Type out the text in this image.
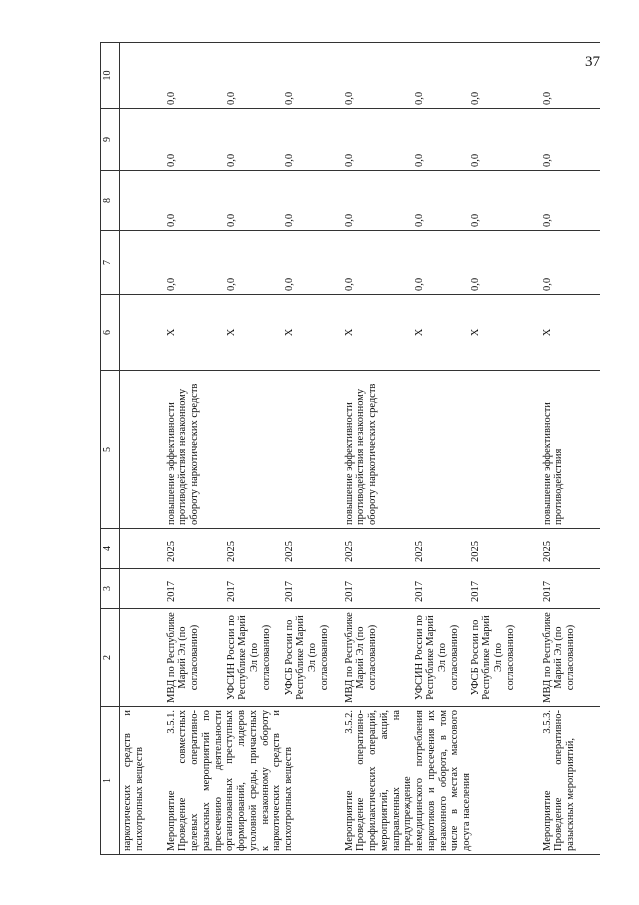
37
1	2	3	4	5	6	7	8	9	10
наркотических средств и психотропных веществ									
Мероприятие 3.5.1. Проведение совместных целевых оперативно-разыскных мероприятий по пресечению деятельности организованных преступных формирований, лидеров уголовной среды, причастных к незаконному обороту наркотических средств и психотропных веществ	МВД по Республике Марий Эл (по согласованию)	2017	2025	повышение эффективности противодействия незаконному обороту наркотических средств	X	0,0	0,0	0,0	0,0
	УФСИН России по Республике Марий Эл (по согласованию)	2017	2025		X	0,0	0,0	0,0	0,0
	УФСБ России по Республике Марий Эл (по согласованию)	2017	2025		X	0,0	0,0	0,0	0,0
Мероприятие 3.5.2. Проведение оперативно-профилактических операций, мероприятий, акций, направленных на предупреждение немедицинского потребления наркотиков и пресечения их незаконного оборота, в том числе в местах массового досуга населения	МВД по Республике Марий Эл (по согласованию)	2017	2025	повышение эффективности противодействия незаконному обороту наркотических средств	X	0,0	0,0	0,0	0,0
	УФСИН России по Республике Марий Эл (по согласованию)	2017	2025		X	0,0	0,0	0,0	0,0
	УФСБ России по Республике Марий Эл (по согласованию)	2017	2025		X	0,0	0,0	0,0	0,0
Мероприятие 3.5.3. Проведение оперативно-разыскных мероприятий,	МВД по Республике Марий Эл (по согласованию)	2017	2025	повышение эффективности противодействия	X	0,0	0,0	0,0	0,0
